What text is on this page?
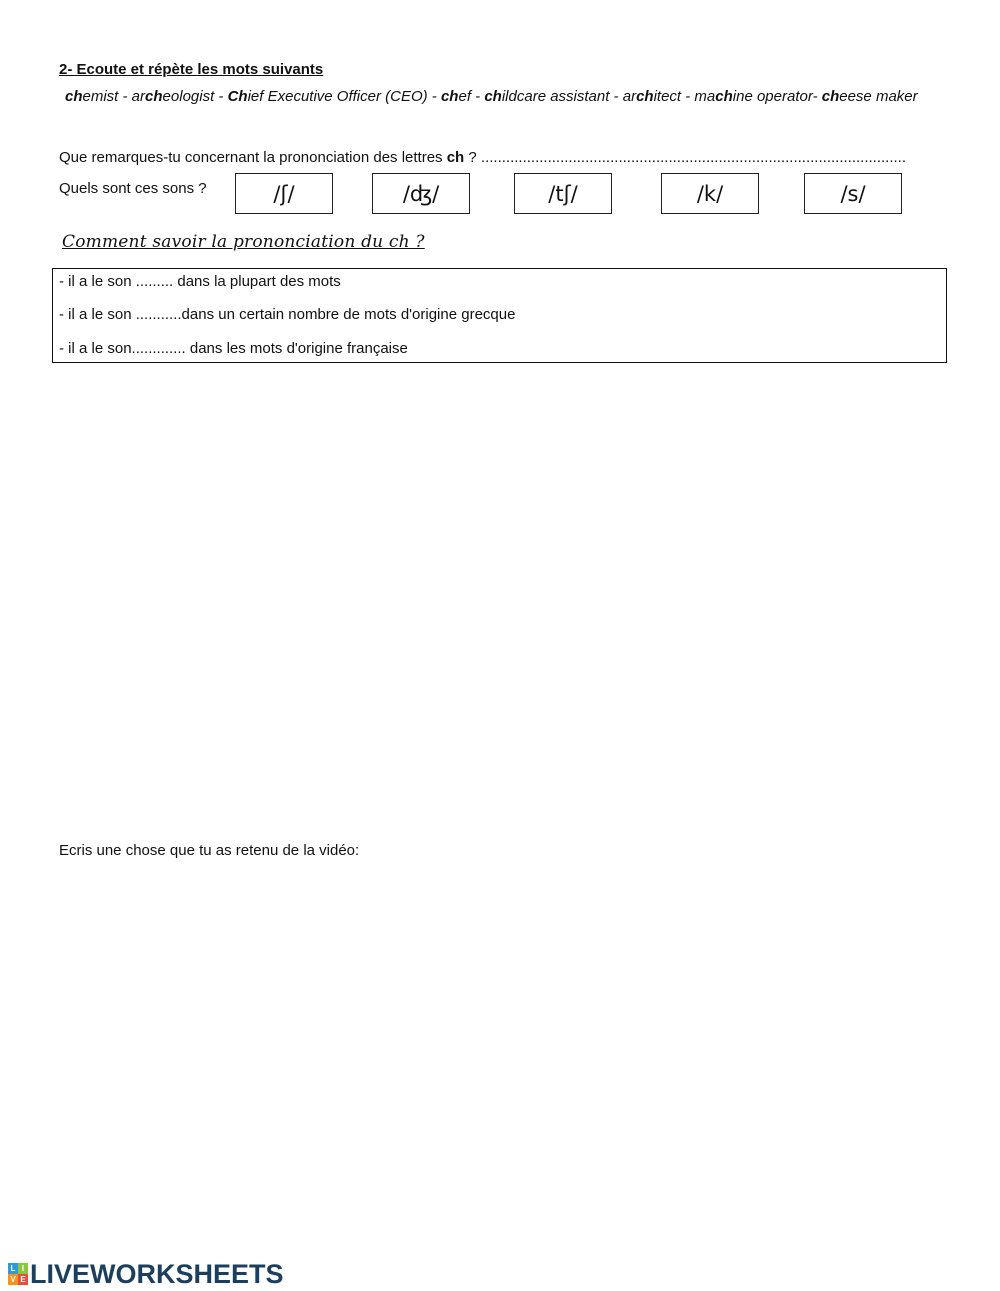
2- Ecoute et répète les mots suivants
chemist - archeologist - Chief Executive Officer (CEO) - chef - childcare assistant - architect - machine operator- cheese maker
Que remarques-tu concernant la prononciation des lettres ch ? ......................................................................................................
Quels sont ces sons ?	/ʃ/	/ʤ/	/tʃ/	/k/	/s/
Comment savoir la prononciation du ch ?
- il a le son ......... dans la plupart des mots
- il a le son ...........dans un certain nombre de mots d'origine grecque
- il a le son............. dans les mots d'origine française
Ecris une chose que tu as retenu de la vidéo:
L I
V E LIVEWORKSHEETS
